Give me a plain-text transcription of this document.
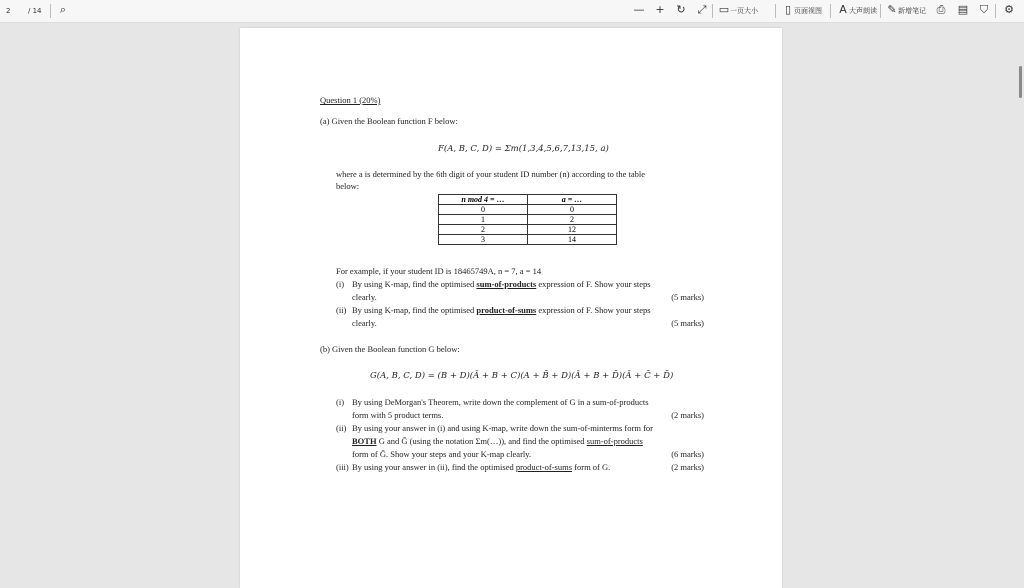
2	/ 14 ⌕	— + ↻ ⤢ ▭一页大小 ▯ 页面视图 A大声朗读 ✎新增笔记 ⎙ ▤ ⛉ ⚙
Question 1 (20%)
(a) Given the Boolean function F below:
F(A, B, C, D) = Σm(1,3,4,5,6,7,13,15, a)
where a is determined by the 6th digit of your student ID number (n) according to the table
below:
n mod 4 = …	a = …
0	0
1	2
2	12
3	14
For example, if your student ID is 18465749A, n = 7, a = 14
(i) By using K-map, find the optimised sum-of-products expression of F. Show your steps
clearly.	(5 marks)
(ii) By using K-map, find the optimised product-of-sums expression of F. Show your steps
clearly.	(5 marks)
(b) Given the Boolean function G below:
G(A, B, C, D) = (B + D)(Ā + B + C)(A + B̄ + D)(Ā + B + D̄)(Ā + C̄ + D̄)
(i) By using DeMorgan's Theorem, write down the complement of G in a sum-of-products
form with 5 product terms.	(2 marks)
(ii) By using your answer in (i) and using K-map, write down the sum-of-minterms form for
BOTH G and Ḡ (using the notation Σm(…)), and find the optimised sum-of-products
form of Ḡ. Show your steps and your K-map clearly.	(6 marks)
(iii) By using your answer in (ii), find the optimised product-of-sums form of G.	(2 marks)
